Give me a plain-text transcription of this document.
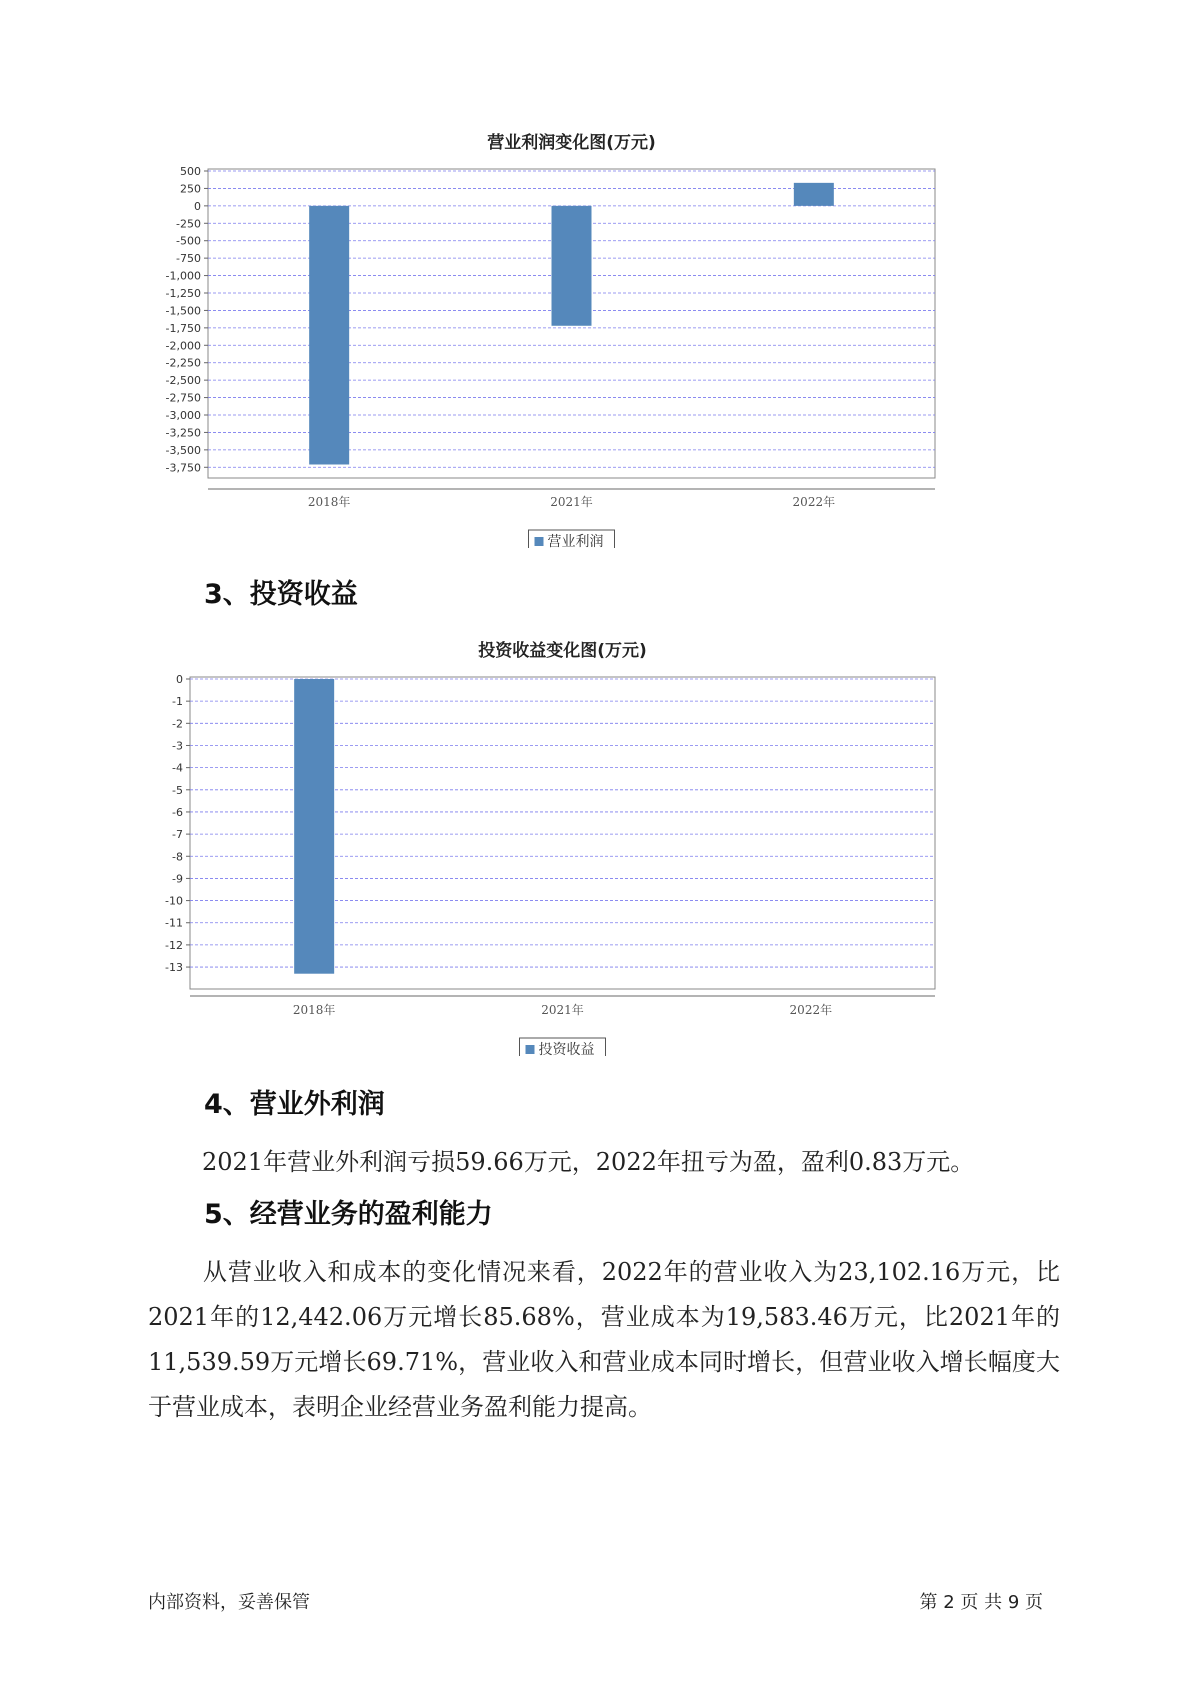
营业利润变化图(万元)
500
250
0
-250
-500
-750
-1,000
-1,250
-1,500
-1,750
-2,000
-2,250
-2,500
-2,750
-3,000
-3,250
-3,500
-3,750
2018年	2021年	2022年
营业利润
3、投资收益
投资收益变化图(万元)
0
-1
-2
-3
-4
-5
-6
-7
-8
-9
-10
-11
-12
-13
2018年	2021年	2022年
投资收益
4、营业外利润

2021年营业外利润亏损59.66万元，2022年扭亏为盈，盈利0.83万元。

5、经营业务的盈利能力

从营业收入和成本的变化情况来看，2022年的营业收入为23,102.16万元，比2021年的12,442.06万元增长85.68%，营业成本为19,583.46万元，比2021年的11,539.59万元增长69.71%，营业收入和营业成本同时增长，但营业收入增长幅度大于营业成本，表明企业经营业务盈利能力提高。

内部资料，妥善保管	第 2 页 共 9 页
